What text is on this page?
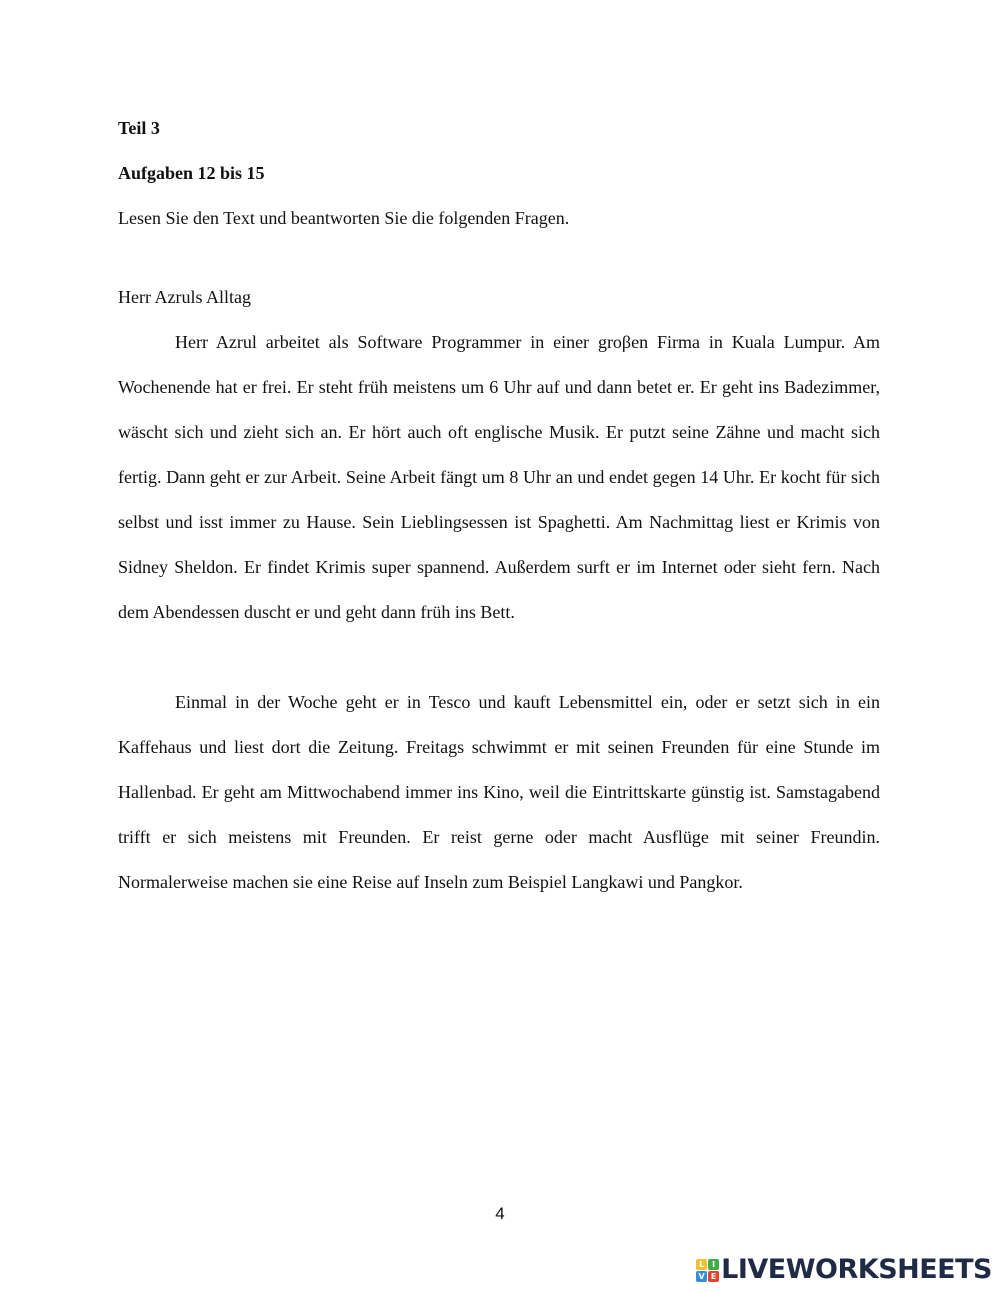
Teil 3

Aufgaben 12 bis 15

Lesen Sie den Text und beantworten Sie die folgenden Fragen.

Herr Azruls Alltag

Herr Azrul arbeitet als Software Programmer in einer groβen Firma in Kuala Lumpur. Am Wochenende hat er frei. Er steht früh meistens um 6 Uhr auf und dann betet er. Er geht ins Badezimmer, wäscht sich und zieht sich an. Er hört auch oft englische Musik. Er putzt seine Zähne und macht sich fertig. Dann geht er zur Arbeit. Seine Arbeit fängt um 8 Uhr an und endet gegen 14 Uhr. Er kocht für sich selbst und isst immer zu Hause. Sein Lieblingsessen ist Spaghetti. Am Nachmittag liest er Krimis von Sidney Sheldon. Er findet Krimis super spannend. Außerdem surft er im Internet oder sieht fern. Nach dem Abendessen duscht er und geht dann früh ins Bett.

Einmal in der Woche geht er in Tesco und kauft Lebensmittel ein, oder er setzt sich in ein Kaffehaus und liest dort die Zeitung. Freitags schwimmt er mit seinen Freunden für eine Stunde im Hallenbad. Er geht am Mittwochabend immer ins Kino, weil die Eintrittskarte günstig ist. Samstagabend trifft er sich meistens mit Freunden. Er reist gerne oder macht Ausflüge mit seiner Freundin. Normalerweise machen sie eine Reise auf Inseln zum Beispiel Langkawi und Pangkor.

4

L I
V E LIVEWORKSHEETS
